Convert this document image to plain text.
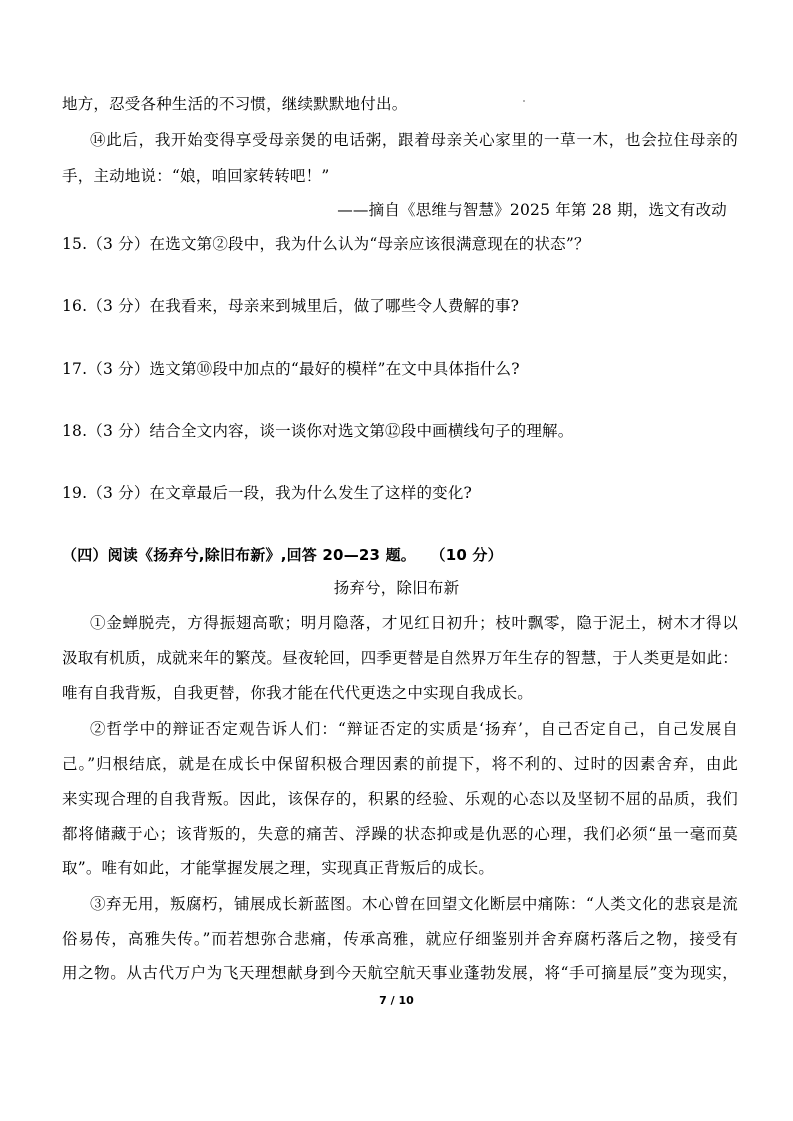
地方，忍受各种生活的不习惯，继续默默地付出。
⑭此后，我开始变得享受母亲煲的电话粥，跟着母亲关心家里的一草一木，也会拉住母亲的
手，主动地说：“娘，咱回家转转吧！”
——摘自《思维与智慧》2025 年第 28 期，选文有改动
15.（3 分）在选文第②段中，我为什么认为“母亲应该很满意现在的状态”？
16.（3 分）在我看来，母亲来到城里后，做了哪些令人费解的事?
17.（3 分）选文第⑩段中加点的“最好的模样”在文中具体指什么?
18.（3 分）结合全文内容，谈一谈你对选文第⑫段中画横线句子的理解。
19.（3 分）在文章最后一段，我为什么发生了这样的变化?
（四）阅读《扬弃兮,除旧布新》,回答 20—23 题。 （10 分）
扬弃兮，除旧布新
①金蝉脱壳，方得振翅高歌；明月隐落，才见红日初升；枝叶飘零，隐于泥土，树木才得以
汲取有机质，成就来年的繁茂。昼夜轮回，四季更替是自然界万年生存的智慧，于人类更是如此：
唯有自我背叛，自我更替，你我才能在代代更迭之中实现自我成长。
②哲学中的辩证否定观告诉人们：“辩证否定的实质是‘扬弃’，自己否定自己，自己发展自
己。”归根结底，就是在成长中保留积极合理因素的前提下，将不利的、过时的因素舍弃，由此
来实现合理的自我背叛。因此，该保存的，积累的经验、乐观的心态以及坚韧不屈的品质，我们
都将储藏于心；该背叛的，失意的痛苦、浮躁的状态抑或是仇恶的心理，我们必须“虽一毫而莫
取”。唯有如此，才能掌握发展之理，实现真正背叛后的成长。
③弃无用，叛腐朽，铺展成长新蓝图。木心曾在回望文化断层中痛陈：“人类文化的悲哀是流
俗易传，高雅失传。”而若想弥合悲痛，传承高雅，就应仔细鉴别并舍弃腐朽落后之物，接受有
用之物。从古代万户为飞天理想献身到今天航空航天事业蓬勃发展，将“手可摘星辰”变为现实，
7 / 10
